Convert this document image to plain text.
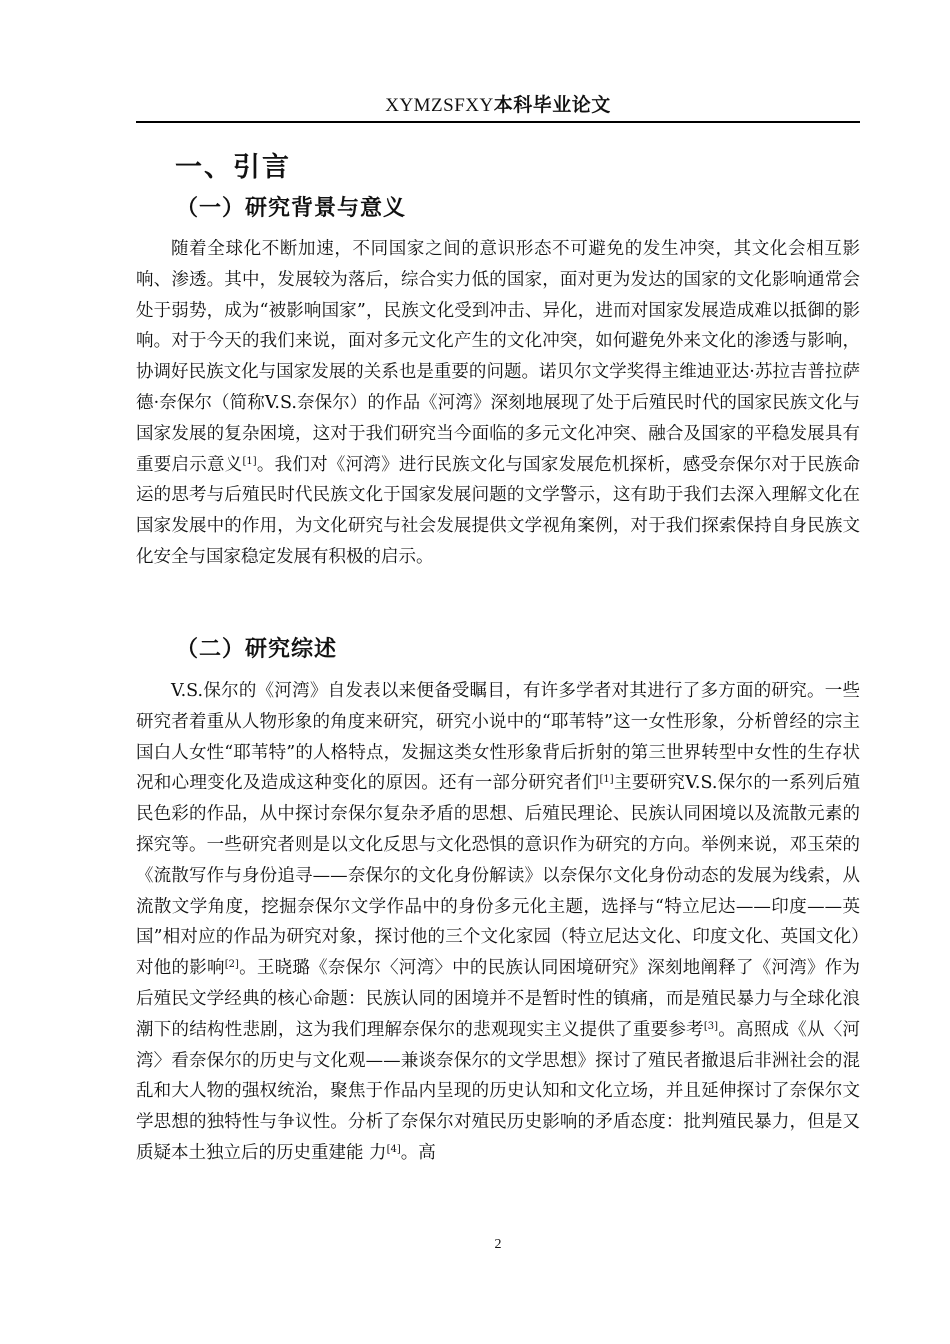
XYMZSFXY本科毕业论文
一、引言
（一）研究背景与意义

随着全球化不断加速，不同国家之间的意识形态不可避免的发生冲突，其文化会相互影响、渗透。其中，发展较为落后，综合实力低的国家，面对更为发达的国家的文化影响通常会处于弱势，成为“被影响国家”，民族文化受到冲击、异化，进而对国家发展造成难以抵御的影响。对于今天的我们来说，面对多元文化产生的文化冲突，如何避免外来文化的渗透与影响，协调好民族文化与国家发展的关系也是重要的问题。诺贝尔文学奖得主维迪亚达·苏拉吉普拉萨德·奈保尔（简称V.S.奈保尔）的作品《河湾》深刻地展现了处于后殖民时代的国家民族文化与国家发展的复杂困境，这对于我们研究当今面临的多元文化冲突、融合及国家的平稳发展具有重要启示意义[1]。我们对《河湾》进行民族文化与国家发展危机探析，感受奈保尔对于民族命运的思考与后殖民时代民族文化于国家发展问题的文学警示，这有助于我们去深入理解文化在国家发展中的作用，为文化研究与社会发展提供文学视角案例，对于我们探索保持自身民族文化安全与国家稳定发展有积极的启示。

（二）研究综述

V.S.保尔的《河湾》自发表以来便备受瞩目，有许多学者对其进行了多方面的研究。一些研究者着重从人物形象的角度来研究，研究小说中的“耶苇特”这一女性形象，分析曾经的宗主国白人女性“耶苇特”的人格特点，发掘这类女性形象背后折射的第三世界转型中女性的生存状况和心理变化及造成这种变化的原因。还有一部分研究者们[1]主要研究V.S.保尔的一系列后殖民色彩的作品，从中探讨奈保尔复杂矛盾的思想、后殖民理论、民族认同困境以及流散元素的探究等。一些研究者则是以文化反思与文化恐惧的意识作为研究的方向。举例来说，邓玉荣的《流散写作与身份追寻——奈保尔的文化身份解读》以奈保尔文化身份动态的发展为线索，从流散文学角度，挖掘奈保尔文学作品中的身份多元化主题，选择与“特立尼达——印度——英国”相对应的作品为研究对象，探讨他的三个文化家园（特立尼达文化、印度文化、英国文化）对他的影响[2]。王晓璐《奈保尔〈河湾〉中的民族认同困境研究》深刻地阐释了《河湾》作为后殖民文学经典的核心命题：民族认同的困境并不是暂时性的镇痛，而是殖民暴力与全球化浪潮下的结构性悲剧，这为我们理解奈保尔的悲观现实主义提供了重要参考[3]。高照成《从〈河湾〉看奈保尔的历史与文化观——兼谈奈保尔的文学思想》探讨了殖民者撤退后非洲社会的混乱和大人物的强权统治，聚焦于作品内呈现的历史认知和文化立场，并且延伸探讨了奈保尔文学思想的独特性与争议性。分析了奈保尔对殖民历史影响的矛盾态度：批判殖民暴力，但是又质疑本土独立后的历史重建能 力[4]。高

2
